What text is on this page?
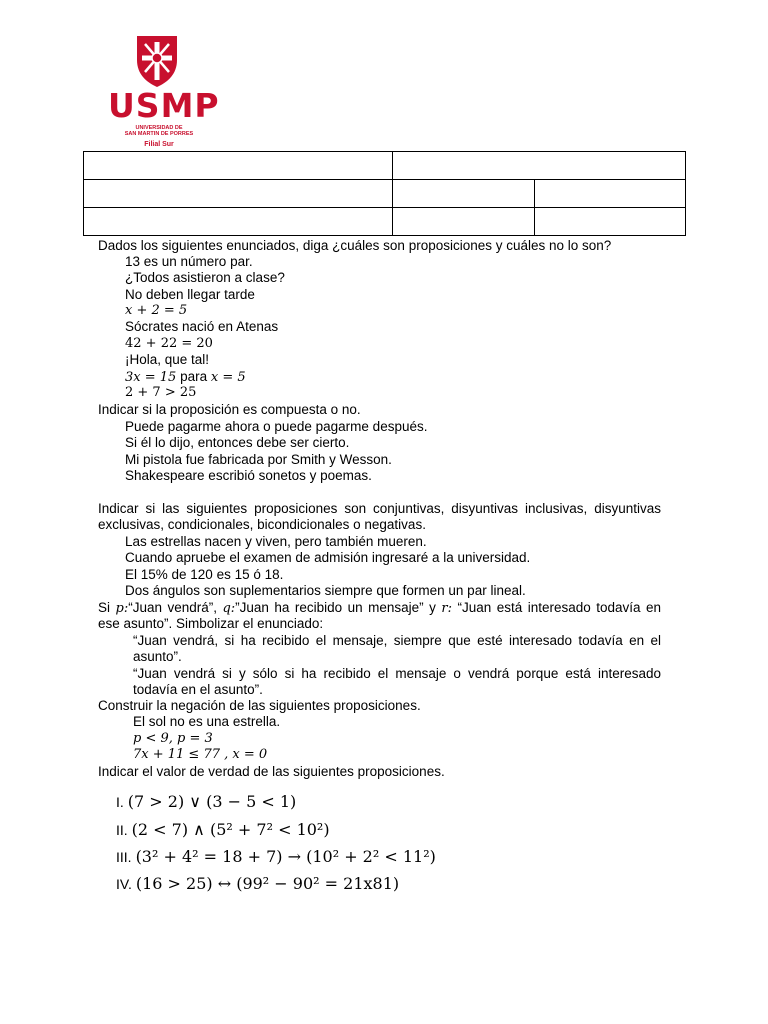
USMP
UNIVERSIDAD DE
SAN MARTIN DE PORRES
Filial Sur

Dados los siguientes enunciados, diga ¿cuáles son proposiciones y cuáles no lo son?
13 es un número par.
¿Todos asistieron a clase?
No deben llegar tarde
x + 2 = 5
Sócrates nació en Atenas
42 + 22 = 20
¡Hola, que tal!
3x = 15 para x = 5
2 + 7 > 25
Indicar si la proposición es compuesta o no.
Puede pagarme ahora o puede pagarme después.
Si él lo dijo, entonces debe ser cierto.
Mi pistola fue fabricada por Smith y Wesson.
Shakespeare escribió sonetos y poemas.
Indicar si las siguientes proposiciones son conjuntivas, disyuntivas inclusivas, disyuntivas
exclusivas, condicionales, bicondicionales o negativas.
Las estrellas nacen y viven, pero también mueren.
Cuando apruebe el examen de admisión ingresaré a la universidad.
El 15% de 120 es 15 ó 18.
Dos ángulos son suplementarios siempre que formen un par lineal.
Si p:“Juan vendrá”, q:”Juan ha recibido un mensaje” y r: “Juan está interesado todavía en
ese asunto”. Simbolizar el enunciado:
“Juan vendrá, si ha recibido el mensaje, siempre que esté interesado todavía en el
asunto”.
“Juan vendrá si y sólo si ha recibido el mensaje o vendrá porque está interesado
todavía en el asunto”.
Construir la negación de las siguientes proposiciones.
El sol no es una estrella.
p < 9, p = 3
7x + 11 ≤ 77 , x = 0
Indicar el valor de verdad de las siguientes proposiciones.
I. (7 > 2) ∨ (3 − 5 < 1)
II. (2 < 7) ∧ (5² + 7² < 10²)
III. (3² + 4² = 18 + 7) → (10² + 2² < 11²)
IV. (16 > 25) ↔ (99² − 90² = 21x81)
